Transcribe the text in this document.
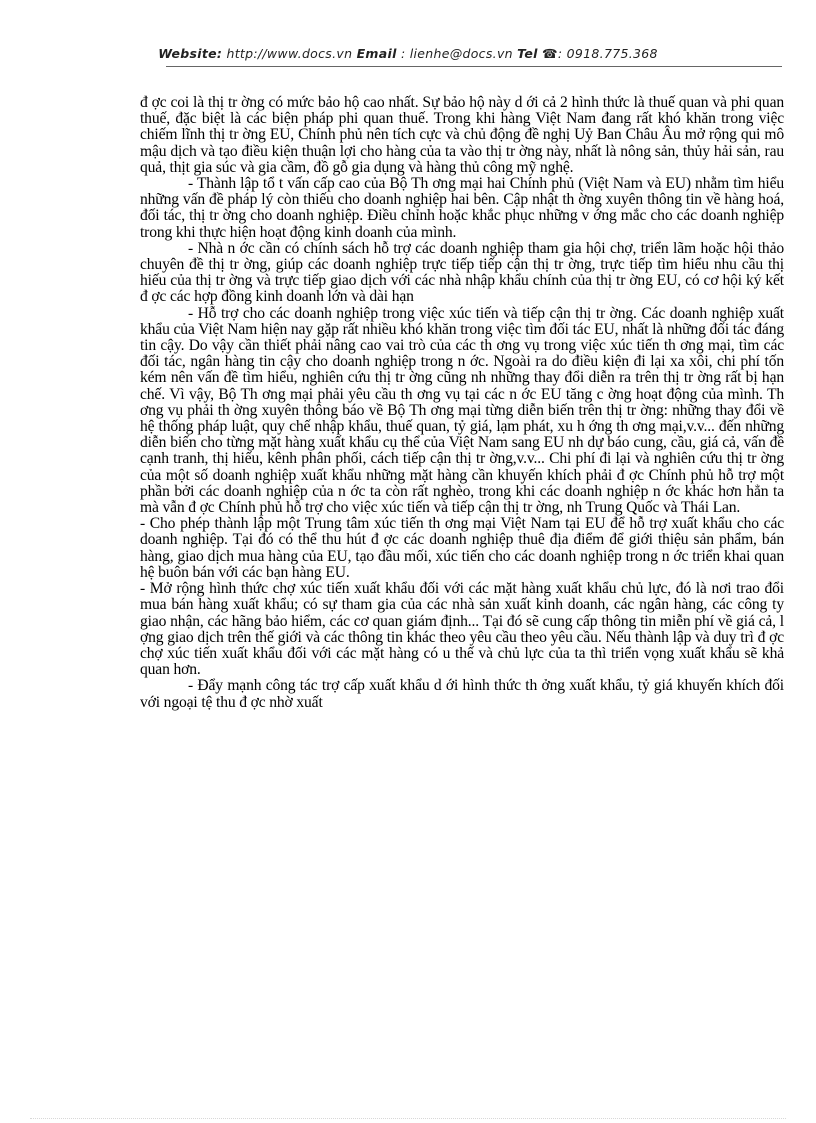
Website: http://www.docs.vn Email : lienhe@docs.vn Tel ☎: 0918.775.368

đ ợc coi là thị tr ờng có mức bảo hộ cao nhất. Sự bảo hộ này d ới cả 2 hình thức là thuế quan và phi quan thuế, đặc biệt là các biện pháp phi quan thuế. Trong khi hàng Việt Nam đang rất khó khăn trong việc chiếm lĩnh thị tr ờng EU, Chính phủ nên tích cực và chủ động đề nghị Uỷ Ban Châu Âu mở rộng qui mô mậu dịch và tạo điều kiện thuận lợi cho hàng của ta vào thị tr ờng này, nhất là nông sản, thủy hải sản, rau quả, thịt gia súc và gia cầm, đồ gỗ gia dụng và hàng thủ công mỹ nghệ.

- Thành lập tổ t vấn cấp cao của Bộ Th ơng mại hai Chính phủ (Việt Nam và EU) nhằm tìm hiểu những vấn đề pháp lý còn thiếu cho doanh nghiệp hai bên. Cập nhật th ờng xuyên thông tin về hàng hoá, đối tác, thị tr ờng cho doanh nghiệp. Điều chỉnh hoặc khắc phục những v ớng mắc cho các doanh nghiệp trong khi thực hiện hoạt động kinh doanh của mình.

- Nhà n ớc cần có chính sách hỗ trợ các doanh nghiệp tham gia hội chợ, triển lãm hoặc hội thảo chuyên đề thị tr ờng, giúp các doanh nghiệp trực tiếp tiếp cận thị tr ờng, trực tiếp tìm hiểu nhu cầu thị hiếu của thị tr ờng và trực tiếp giao dịch với các nhà nhập khẩu chính của thị tr ờng EU, có cơ hội ký kết đ ợc các hợp đồng kinh doanh lớn và dài hạn

- Hỗ trợ cho các doanh nghiệp trong việc xúc tiến và tiếp cận thị tr ờng. Các doanh nghiệp xuất khẩu của Việt Nam hiện nay gặp rất nhiều khó khăn trong việc tìm đối tác EU, nhất là những đối tác đáng tin cậy. Do vậy cần thiết phải nâng cao vai trò của các th ơng vụ trong việc xúc tiến th ơng mại, tìm các đối tác, ngân hàng tin cậy cho doanh nghiệp trong n ớc. Ngoài ra do điều kiện đi lại xa xôi, chi phí tốn kém nên vấn đề tìm hiểu, nghiên cứu thị tr ờng cũng nh những thay đổi diễn ra trên thị tr ờng rất bị hạn chế. Vì vậy, Bộ Th ơng mại phải yêu cầu th ơng vụ tại các n ớc EU tăng c ờng hoạt động của mình. Th ơng vụ phải th ờng xuyên thông báo về Bộ Th ơng mại từng diễn biến trên thị tr ờng: những thay đổi về hệ thống pháp luật, quy chế nhập khẩu, thuế quan, tỷ giá, lạm phát, xu h ớng th ơng mại,v.v... đến những diễn biến cho từng mặt hàng xuất khẩu cụ thể của Việt Nam sang EU nh dự báo cung, cầu, giá cả, vấn đề cạnh tranh, thị hiếu, kênh phân phối, cách tiếp cận thị tr ờng,v.v... Chi phí đi lại và nghiên cứu thị tr ờng của một số doanh nghiệp xuất khẩu những mặt hàng cần khuyến khích phải đ ợc Chính phủ hỗ trợ một phần bởi các doanh nghiệp của n ớc ta còn rất nghèo, trong khi các doanh nghiệp n ớc khác hơn hẳn ta mà vẫn đ ợc Chính phủ hỗ trợ cho việc xúc tiến và tiếp cận thị tr ờng, nh Trung Quốc và Thái Lan.

- Cho phép thành lập một Trung tâm xúc tiến th ơng mại Việt Nam tại EU để hỗ trợ xuất khẩu cho các doanh nghiệp. Tại đó có thể thu hút đ ợc các doanh nghiệp thuê địa điểm để giới thiệu sản phẩm, bán hàng, giao dịch mua hàng của EU, tạo đầu mối, xúc tiến cho các doanh nghiệp trong n ớc triển khai quan hệ buôn bán với các bạn hàng EU.

- Mở rộng hình thức chợ xúc tiến xuất khẩu đối với các mặt hàng xuất khẩu chủ lực, đó là nơi trao đổi mua bán hàng xuất khẩu; có sự tham gia của các nhà sản xuất kinh doanh, các ngân hàng, các công ty giao nhận, các hãng bảo hiểm, các cơ quan giám định... Tại đó sẽ cung cấp thông tin miễn phí về giá cả, l ợng giao dịch trên thế giới và các thông tin khác theo yêu cầu theo yêu cầu. Nếu thành lập và duy trì đ ợc chợ xúc tiến xuất khẩu đối với các mặt hàng có u thế và chủ lực của ta thì triển vọng xuất khẩu sẽ khả quan hơn.

- Đẩy mạnh công tác trợ cấp xuất khẩu d ới hình thức th ởng xuất khẩu, tỷ giá khuyến khích đối với ngoại tệ thu đ ợc nhờ xuất
